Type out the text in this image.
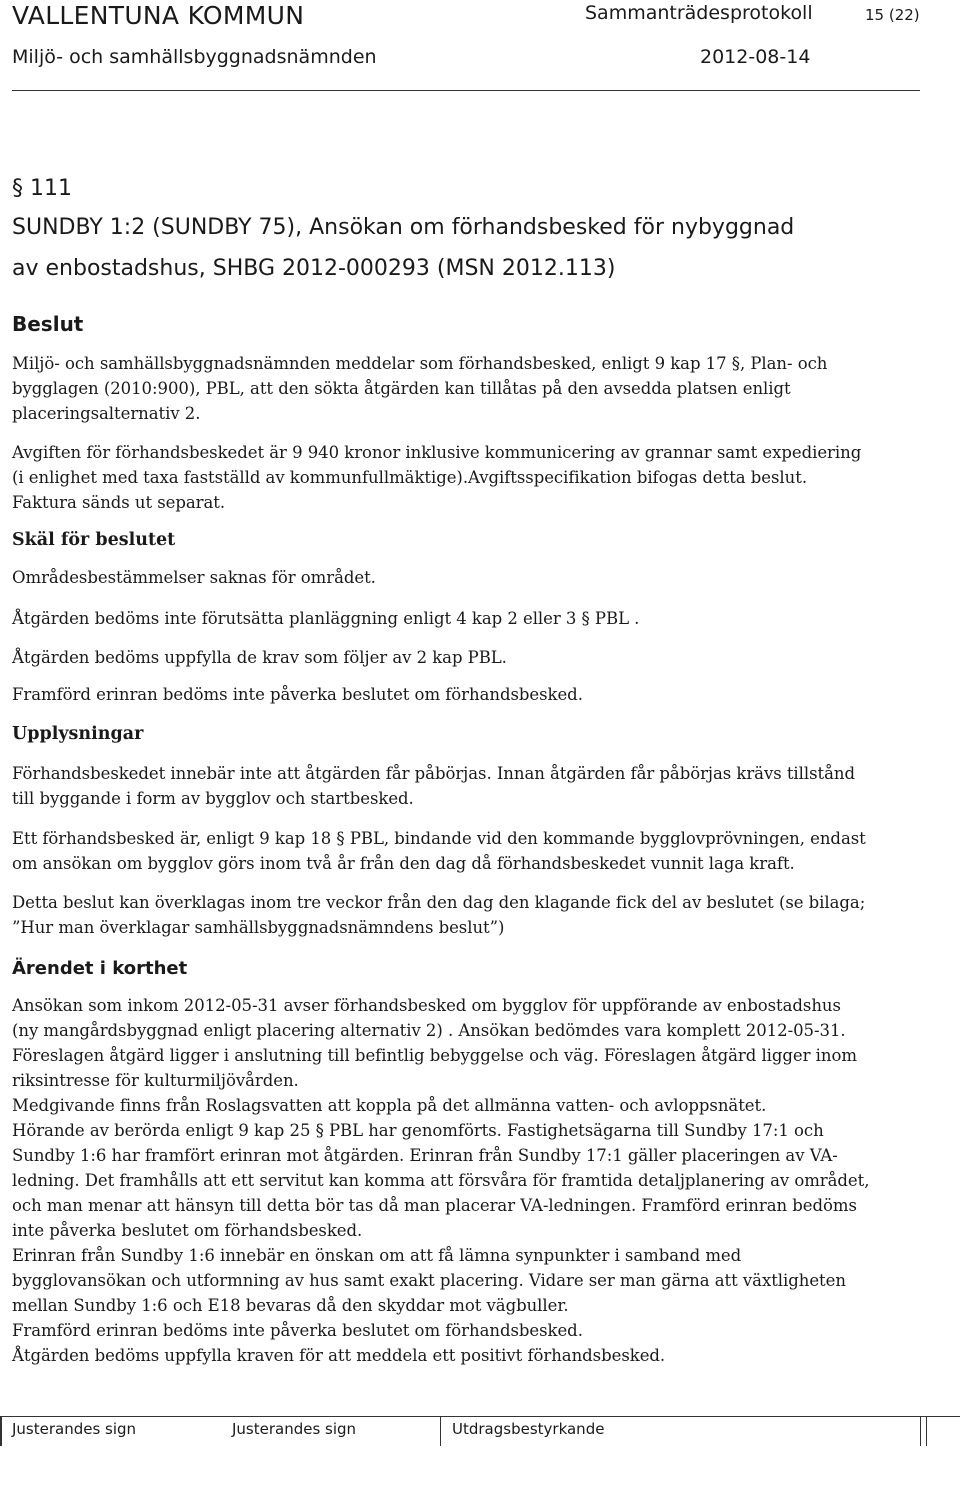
VALLENTUNA KOMMUN	Sammanträdesprotokoll	15 (22)
Miljö- och samhällsbyggnadsnämnden	2012-08-14
§ 111
SUNDBY 1:2 (SUNDBY 75), Ansökan om förhandsbesked för nybyggnad
av enbostadshus, SHBG 2012-000293 (MSN 2012.113)
Beslut
Miljö- och samhällsbyggnadsnämnden meddelar som förhandsbesked, enligt 9 kap 17 §, Plan- och
bygglagen (2010:900), PBL, att den sökta åtgärden kan tillåtas på den avsedda platsen enligt
placeringsalternativ 2.
Avgiften för förhandsbeskedet är 9 940 kronor inklusive kommunicering av grannar samt expediering
(i enlighet med taxa fastställd av kommunfullmäktige).Avgiftsspecifikation bifogas detta beslut.
Faktura sänds ut separat.
Skäl för beslutet
Områdesbestämmelser saknas för området.
Åtgärden bedöms inte förutsätta planläggning enligt 4 kap 2 eller 3 § PBL .
Åtgärden bedöms uppfylla de krav som följer av 2 kap PBL.
Framförd erinran bedöms inte påverka beslutet om förhandsbesked.
Upplysningar
Förhandsbeskedet innebär inte att åtgärden får påbörjas. Innan åtgärden får påbörjas krävs tillstånd
till byggande i form av bygglov och startbesked.
Ett förhandsbesked är, enligt 9 kap 18 § PBL, bindande vid den kommande bygglovprövningen, endast
om ansökan om bygglov görs inom två år från den dag då förhandsbeskedet vunnit laga kraft.
Detta beslut kan överklagas inom tre veckor från den dag den klagande fick del av beslutet (se bilaga;
”Hur man överklagar samhällsbyggnadsnämndens beslut”)
Ärendet i korthet
Ansökan som inkom 2012-05-31 avser förhandsbesked om bygglov för uppförande av enbostadshus
(ny mangårdsbyggnad enligt placering alternativ 2) . Ansökan bedömdes vara komplett 2012-05-31.
Föreslagen åtgärd ligger i anslutning till befintlig bebyggelse och väg. Föreslagen åtgärd ligger inom
riksintresse för kulturmiljövården.
Medgivande finns från Roslagsvatten att koppla på det allmänna vatten- och avloppsnätet.
Hörande av berörda enligt 9 kap 25 § PBL har genomförts. Fastighetsägarna till Sundby 17:1 och
Sundby 1:6 har framfört erinran mot åtgärden. Erinran från Sundby 17:1 gäller placeringen av VA-
ledning. Det framhålls att ett servitut kan komma att försvåra för framtida detaljplanering av området,
och man menar att hänsyn till detta bör tas då man placerar VA-ledningen. Framförd erinran bedöms
inte påverka beslutet om förhandsbesked.
Erinran från Sundby 1:6 innebär en önskan om att få lämna synpunkter i samband med
bygglovansökan och utformning av hus samt exakt placering. Vidare ser man gärna att växtligheten
mellan Sundby 1:6 och E18 bevaras då den skyddar mot vägbuller.
Framförd erinran bedöms inte påverka beslutet om förhandsbesked.
Åtgärden bedöms uppfylla kraven för att meddela ett positivt förhandsbesked.
Justerandes sign	Justerandes sign	Utdragsbestyrkande
